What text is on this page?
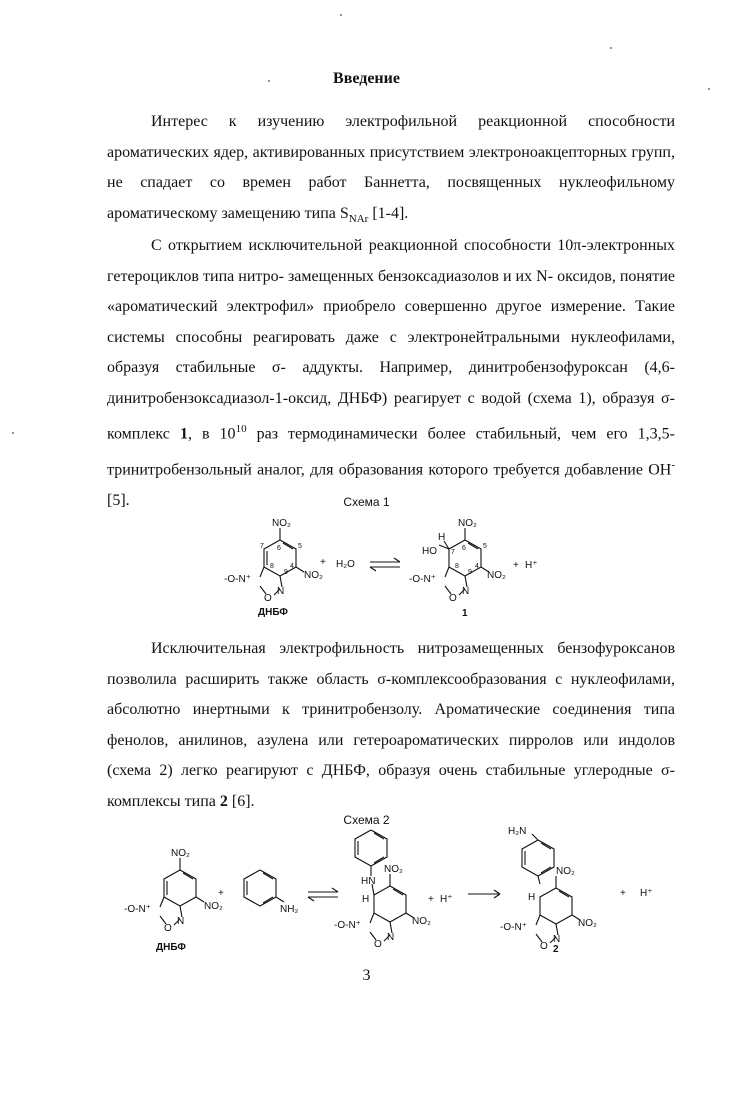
Введение

Интерес к изучению электрофильной реакционной способности ароматических ядер, активированных присутствием электроноакцепторных групп, не спадает со времен работ Баннетта, посвященных нуклеофильному ароматическому замещению типа $S_{NAr}$ [1-4].

С открытием исключительной реакционной способности 10π-электронных гетероциклов типа нитро- замещенных бензоксадиазолов и их N- оксидов, понятие «ароматический электрофил» приобрело совершенно другое измерение. Такие системы способны реагировать даже с электронейтральными нуклеофилами, образуя стабильные σ- аддукты. Например, динитробензофуроксан (4,6-динитробензоксадиазол-1-оксид, ДНБФ) реагирует с водой (схема 1), образуя σ-комплекс 1, в $10^{10}$ раз термодинамически более стабильный, чем его 1,3,5-тринитробензольный аналог, для образования которого требуется добавление OH- [5].	Схема 1
NO₂
NO₂
-O-N⁺
O
N
7 6 5
8
9
4
ДНБФ
+ H₂O
NO₂
NO₂
H
HO
-O-N⁺
O
N
7
6 5
8
9
4
1
+ H⁺

Исключительная электрофильность нитрозамещенных бензофуроксанов позволила расширить также область σ-комплексообразования с нуклеофилами, абсолютно инертными к тринитробензолу. Ароматические соединения типа фенолов, анилинов, азулена или гетероароматических пирролов или индолов (схема 2) легко реагируют с ДНБФ, образуя очень стабильные углеродные σ-комплексы типа 2 [6].

Схема 2
NO₂
NO₂
-O-N⁺
O
N
ДНБФ
+
NH₂
HN
NO₂
NO₂
H
-O-N⁺
O
N
+ H⁺
H₂N
NO₂
NO₂
H
-O-N⁺
O
N
2
+ H⁺
3
